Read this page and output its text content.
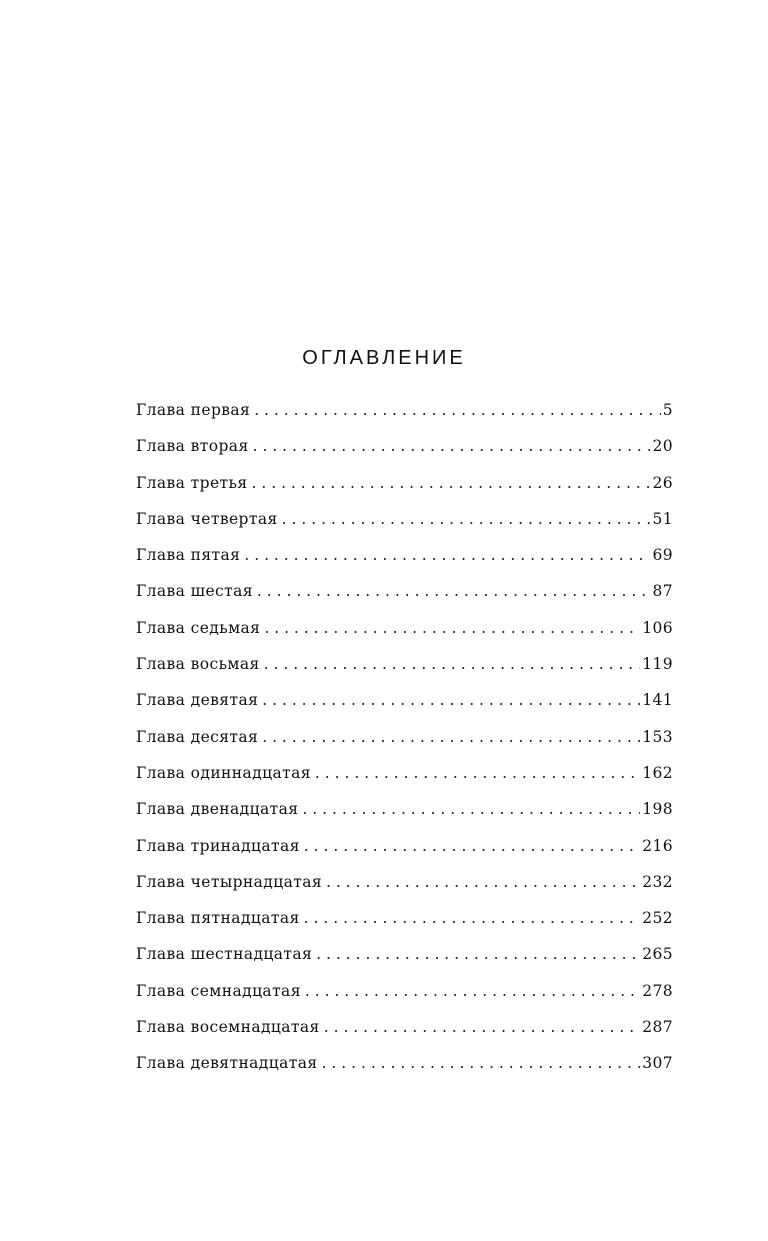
ОГЛАВЛЕНИЕ
Глава первая . . .	5
Глава вторая . . .	20
Глава третья . . .	26
Глава четвертая . . .	51
Глава пятая . . .	69
Глава шестая . . .	87
Глава седьмая . . .	106
Глава восьмая . . .	119
Глава девятая . . .	141
Глава десятая . . .	153
Глава одиннадцатая . . .	162
Глава двенадцатая . . .	198
Глава тринадцатая . . .	216
Глава четырнадцатая . . .	232
Глава пятнадцатая . . .	252
Глава шестнадцатая . . .	265
Глава семнадцатая . . .	278
Глава восемнадцатая . . .	287
Глава девятнадцатая . . .	307
